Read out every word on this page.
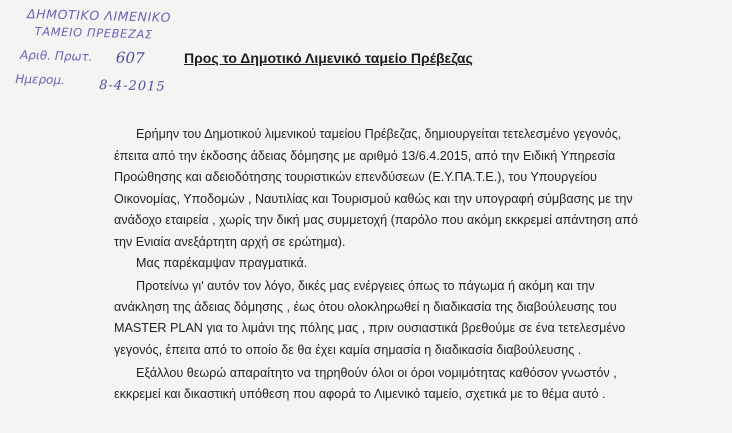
ΔΗΜΟΤΙΚΟ ΛΙΜΕΝΙΚΟ
ΤΑΜΕΙΟ ΠΡΕΒΕΖΑΣ
Αριθ. Πρωτ. 607
Ημερομ.	8-4-2015
Προς το Δημοτικό Λιμενικό ταμείο Πρέβεζας
Ερήμην του Δημοτικού λιμενικού ταμείου Πρέβεζας, δημιουργείται τετελεσμένο γεγονός,
έπειτα από την έκδοσης άδειας δόμησης με αριθμό 13/6.4.2015, από την Ειδική Υπηρεσία
Προώθησης και αδειοδότησης τουριστικών επενδύσεων (Ε.Υ.ΠΑ.Τ.Ε.), του Υπουργείου
Οικονομίας, Υποδομών , Ναυτιλίας και Τουρισμού καθώς και την υπογραφή σύμβασης με την
ανάδοχο εταιρεία , χωρίς την δική μας συμμετοχή (παρόλο που ακόμη εκκρεμεί απάντηση από
την Ενιαία ανεξάρτητη αρχή σε ερώτημα).
Μας παρέκαμψαν πραγματικά.
Προτείνω γι' αυτόν τον λόγο, δικές μας ενέργειες όπως το πάγωμα ή ακόμη και την
ανάκληση της άδειας δόμησης , έως ότου ολοκληρωθεί η διαδικασία της διαβούλευσης του
MASTER PLAN για το λιμάνι της πόλης μας , πριν ουσιαστικά βρεθούμε σε ένα τετελεσμένο
γεγονός, έπειτα από το οποίο δε θα έχει καμία σημασία η διαδικασία διαβούλευσης .
Εξάλλου θεωρώ απαραίτητο να τηρηθούν όλοι οι όροι νομιμότητας καθόσον γνωστόν ,
εκκρεμεί και δικαστική υπόθεση που αφορά το Λιμενικό ταμείο, σχετικά με το θέμα αυτό .
